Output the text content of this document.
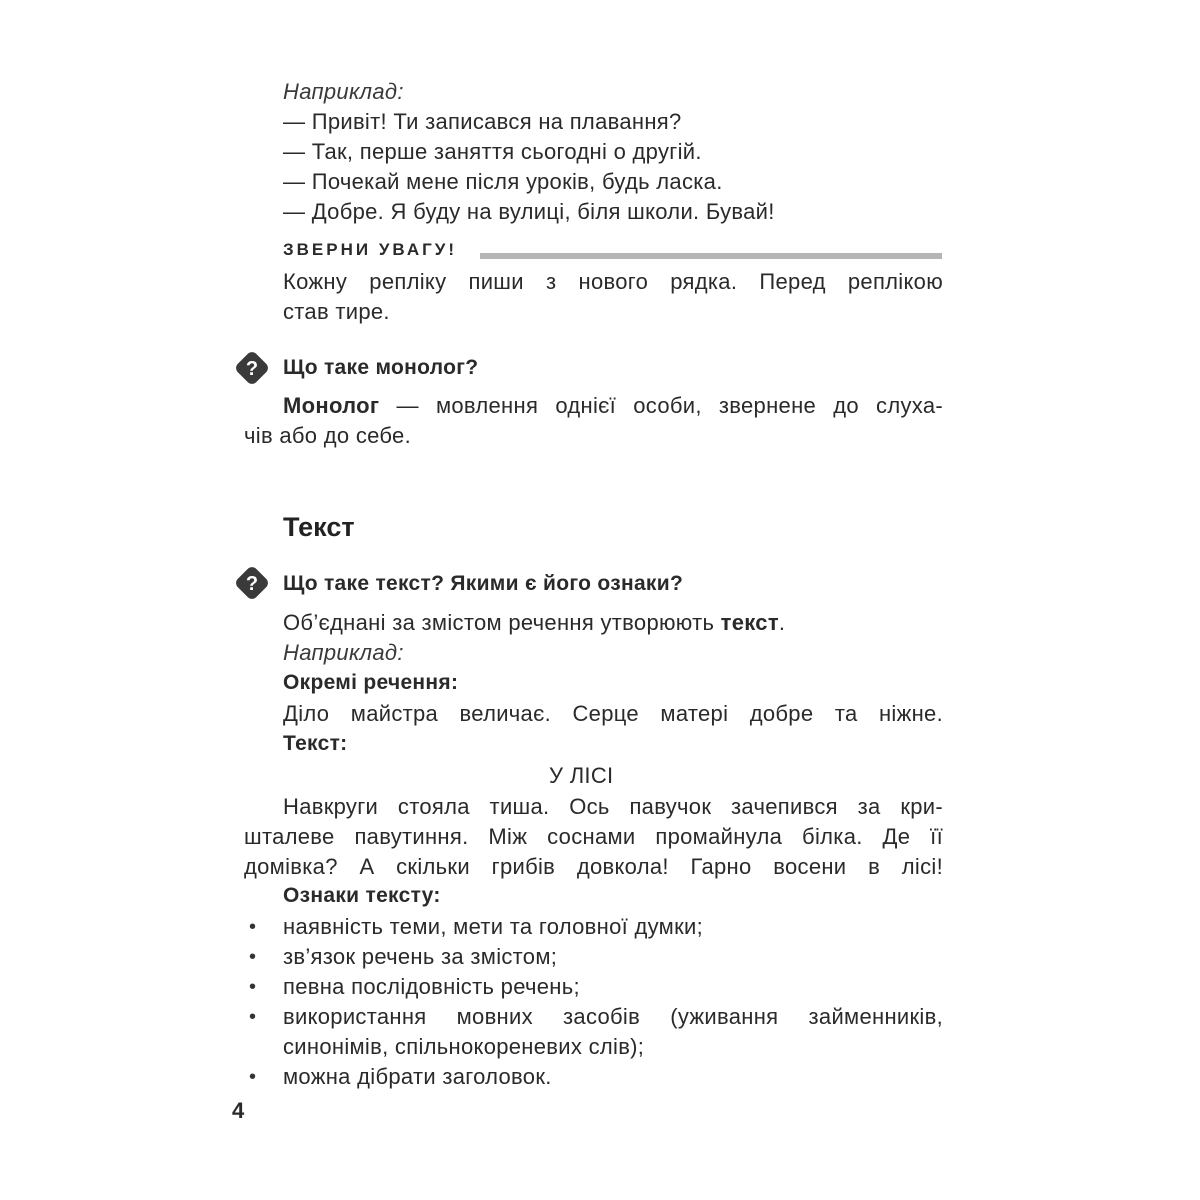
Наприклад:
— Привіт! Ти записався на плавання?
— Так, перше заняття сьогодні о другій.
— Почекай мене після уроків, будь ласка.
— Добре. Я буду на вулиці, біля школи. Бувай!
ЗВЕРНИ УВАГУ!
Кожну репліку пиши з нового рядка. Перед реплікою
став тире.
? Що таке монолог?
Монолог — мовлення однієї особи, звернене до слуха-
чів або до себе.
Текст
? Що таке текст? Якими є його ознаки?
Об’єднані за змістом речення утворюють текст.
Наприклад:
Окремі речення:
Діло майстра величає. Серце матері добре та ніжне.
Текст:
У ЛІСІ
Навкруги стояла тиша. Ось павучок зачепився за кри-
шталеве павутиння. Між соснами промайнула білка. Де її
домівка? А скільки грибів довкола! Гарно восени в лісі!
Ознаки тексту:
• наявність теми, мети та головної думки;
• зв’язок речень за змістом;
• певна послідовність речень;
• використання мовних засобів (уживання займенників,
синонімів, спільнокореневих слів);
• можна дібрати заголовок.
4
